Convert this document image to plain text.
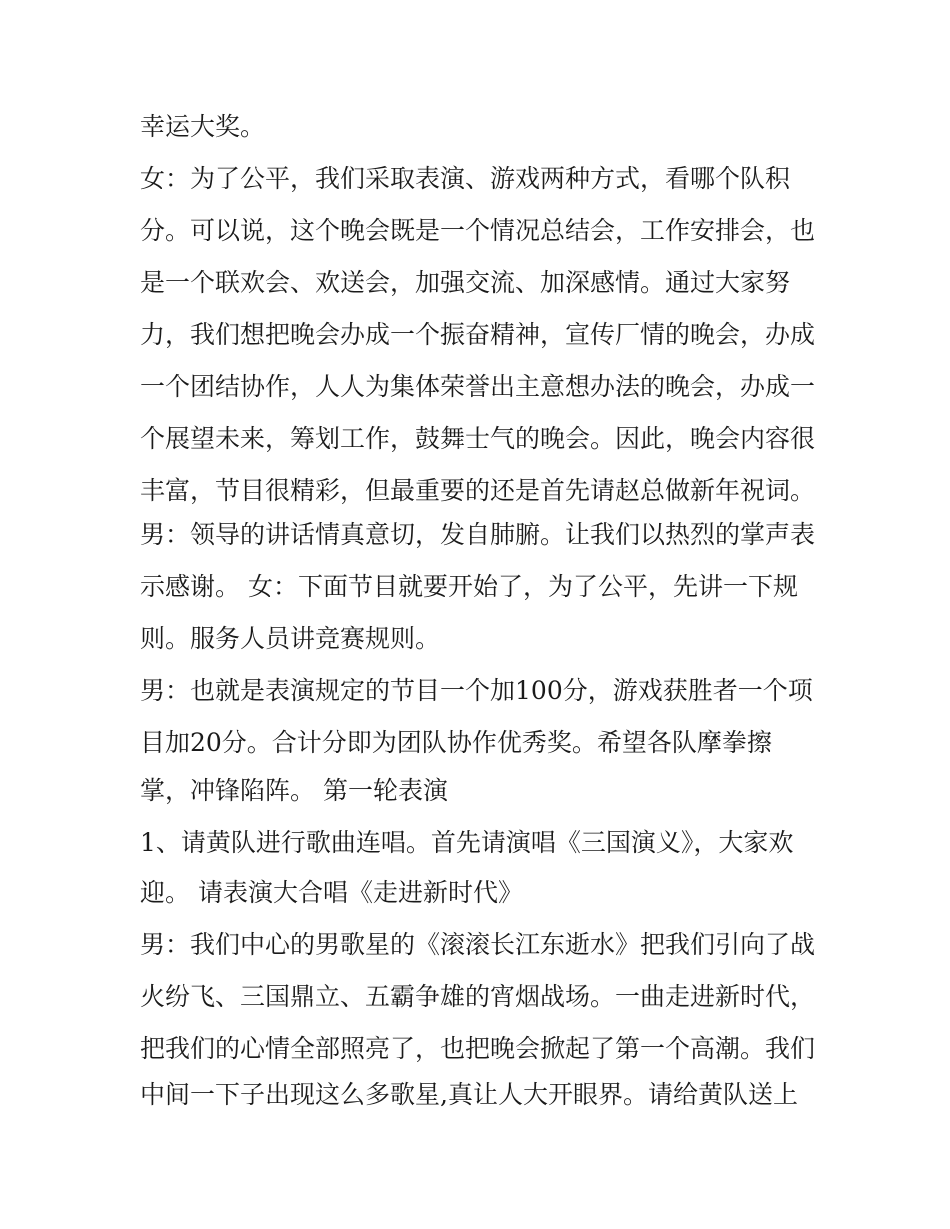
幸运大奖。
女：为了公平，我们采取表演、游戏两种方式，看哪个队积
分。可以说，这个晚会既是一个情况总结会，工作安排会，也
是一个联欢会、欢送会，加强交流、加深感情。通过大家努
力，我们想把晚会办成一个振奋精神，宣传厂情的晚会，办成
一个团结协作，人人为集体荣誉出主意想办法的晚会，办成一
个展望未来，筹划工作，鼓舞士气的晚会。因此，晚会内容很
丰富，节目很精彩，但最重要的还是首先请赵总做新年祝词。
男：领导的讲话情真意切，发自肺腑。让我们以热烈的掌声表
示感谢。 女：下面节目就要开始了，为了公平，先讲一下规
则。服务人员讲竞赛规则。
男：也就是表演规定的节目一个加100分，游戏获胜者一个项
目加20分。合计分即为团队协作优秀奖。希望各队摩拳擦
掌，冲锋陷阵。 第一轮表演
1、请黄队进行歌曲连唱。首先请演唱《三国演义》，大家欢
迎。 请表演大合唱《走进新时代》
男：我们中心的男歌星的《滚滚长江东逝水》把我们引向了战
火纷飞、三国鼎立、五霸争雄的宵烟战场。一曲走进新时代，
把我们的心情全部照亮了，也把晚会掀起了第一个高潮。我们
中间一下子出现这么多歌星,真让人大开眼界。请给黄队送上
